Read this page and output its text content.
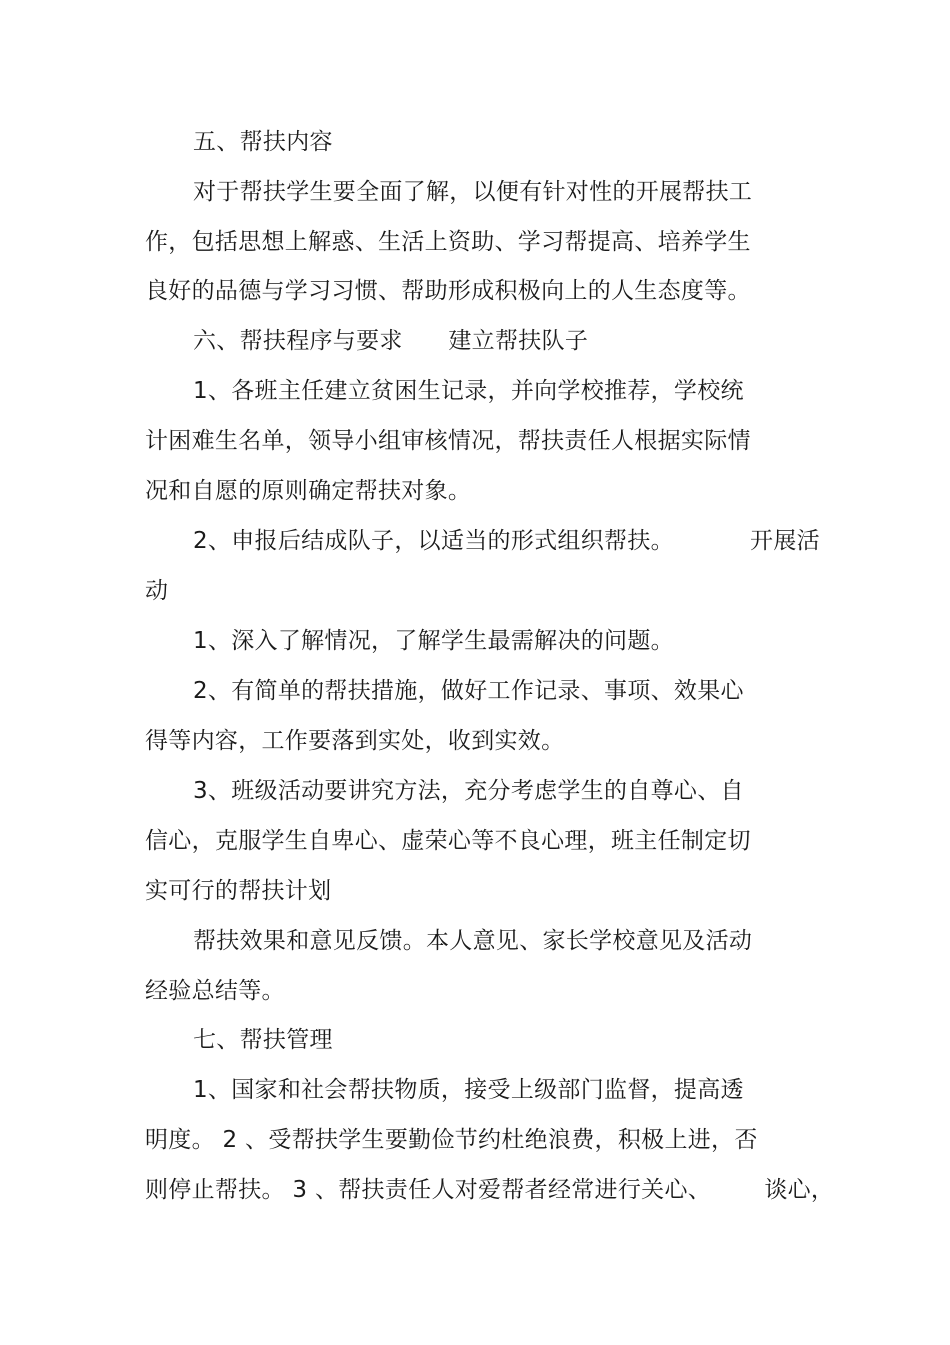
五、帮扶内容
对于帮扶学生要全面了解，以便有针对性的开展帮扶工
作，包括思想上解惑、生活上资助、学习帮提高、培养学生
良好的品德与学习习惯、帮助形成积极向上的人生态度等。
六、帮扶程序与要求      建立帮扶队子
1、各班主任建立贫困生记录，并向学校推荐，学校统
计困难生名单，领导小组审核情况，帮扶责任人根据实际情
况和自愿的原则确定帮扶对象。
2、申报后结成队子，以适当的形式组织帮扶。          开展活
动
1、深入了解情况，了解学生最需解决的问题。
2、有简单的帮扶措施，做好工作记录、事项、效果心
得等内容，工作要落到实处，收到实效。
3、班级活动要讲究方法，充分考虑学生的自尊心、自
信心，克服学生自卑心、虚荣心等不良心理，班主任制定切
实可行的帮扶计划
帮扶效果和意见反馈。本人意见、家长学校意见及活动
经验总结等。
七、帮扶管理
1、国家和社会帮扶物质，接受上级部门监督，提高透
明度。 2 、受帮扶学生要勤俭节约杜绝浪费，积极上进，否
则停止帮扶。 3 、帮扶责任人对爱帮者经常进行关心、       谈心，
